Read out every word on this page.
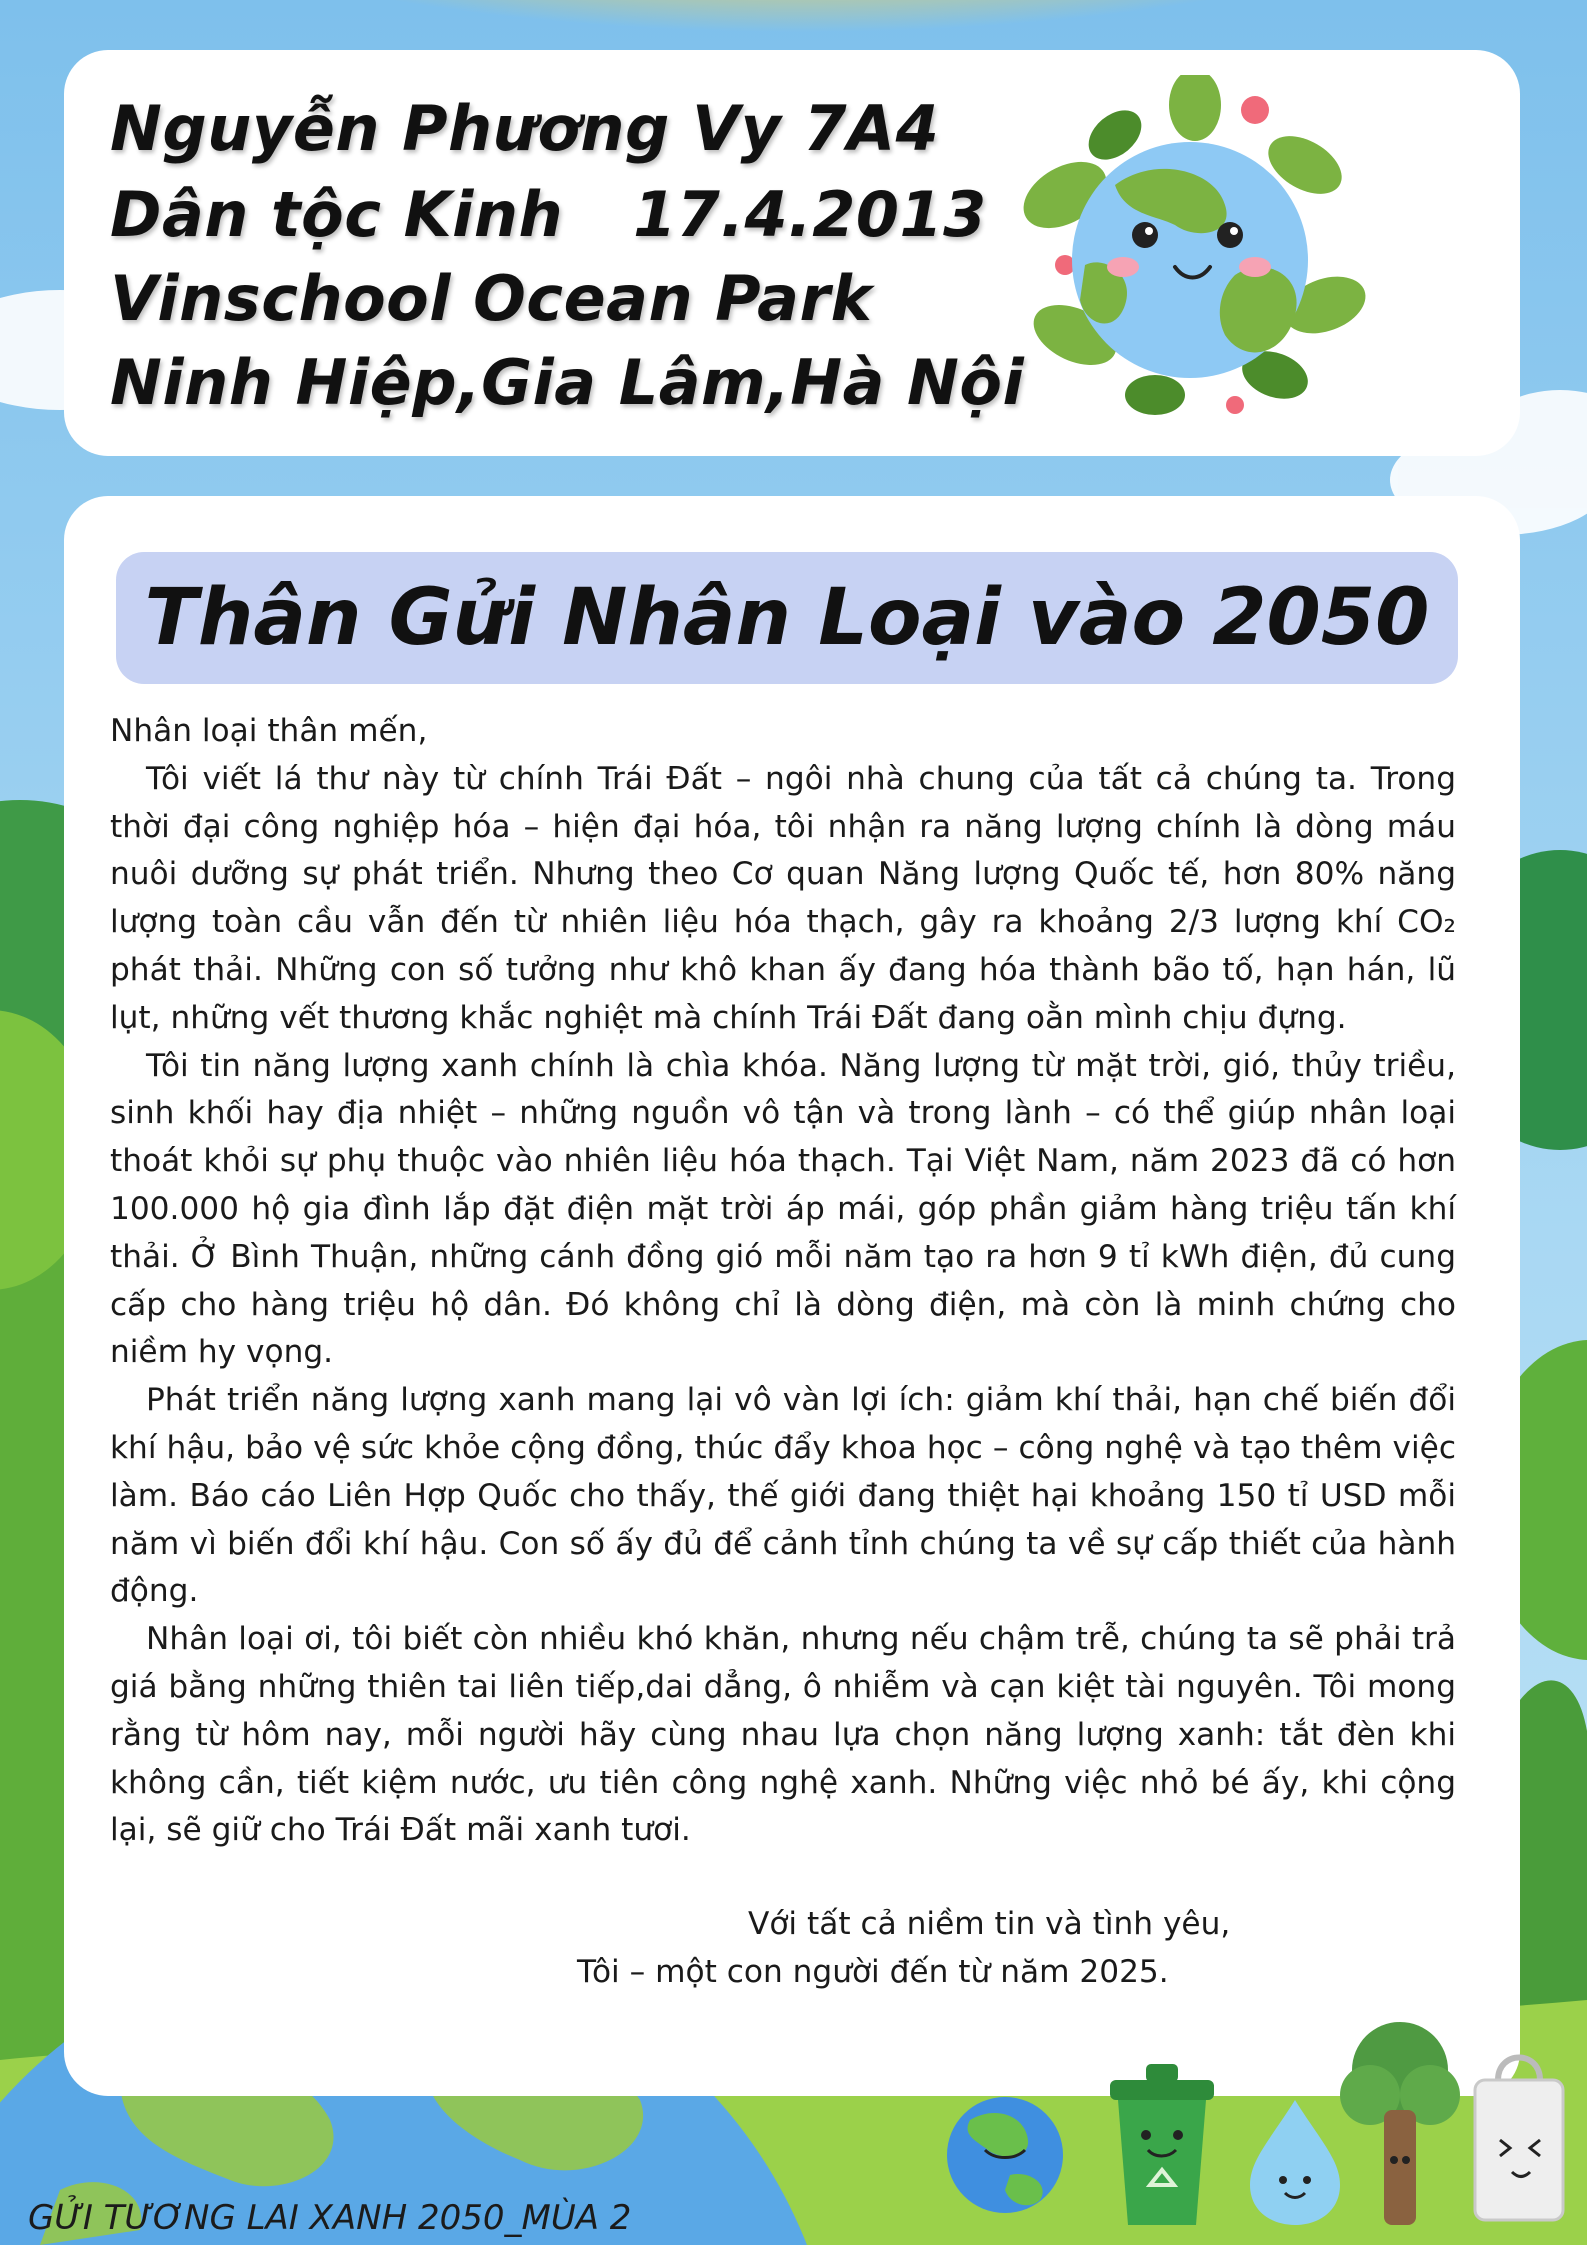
Nguyễn Phương Vy 7A4
Dân tộc Kinh 17.4.2013
Vinschool Ocean Park
Ninh Hiệp,Gia Lâm,Hà Nội
Thân Gửi Nhân Loại vào 2050

Nhân loại thân mến,

Tôi viết lá thư này từ chính Trái Đất – ngôi nhà chung của tất cả chúng ta. Trong thời đại công nghiệp hóa – hiện đại hóa, tôi nhận ra năng lượng chính là dòng máu nuôi dưỡng sự phát triển. Nhưng theo Cơ quan Năng lượng Quốc tế, hơn 80% năng lượng toàn cầu vẫn đến từ nhiên liệu hóa thạch, gây ra khoảng 2/3 lượng khí CO₂ phát thải. Những con số tưởng như khô khan ấy đang hóa thành bão tố, hạn hán, lũ lụt, những vết thương khắc nghiệt mà chính Trái Đất đang oằn mình chịu đựng.

Tôi tin năng lượng xanh chính là chìa khóa. Năng lượng từ mặt trời, gió, thủy triều, sinh khối hay địa nhiệt – những nguồn vô tận và trong lành – có thể giúp nhân loại thoát khỏi sự phụ thuộc vào nhiên liệu hóa thạch. Tại Việt Nam, năm 2023 đã có hơn 100.000 hộ gia đình lắp đặt điện mặt trời áp mái, góp phần giảm hàng triệu tấn khí thải. Ở Bình Thuận, những cánh đồng gió mỗi năm tạo ra hơn 9 tỉ kWh điện, đủ cung cấp cho hàng triệu hộ dân. Đó không chỉ là dòng điện, mà còn là minh chứng cho niềm hy vọng.

Phát triển năng lượng xanh mang lại vô vàn lợi ích: giảm khí thải, hạn chế biến đổi khí hậu, bảo vệ sức khỏe cộng đồng, thúc đẩy khoa học – công nghệ và tạo thêm việc làm. Báo cáo Liên Hợp Quốc cho thấy, thế giới đang thiệt hại khoảng 150 tỉ USD mỗi năm vì biến đổi khí hậu. Con số ấy đủ để cảnh tỉnh chúng ta về sự cấp thiết của hành động.

Nhân loại ơi, tôi biết còn nhiều khó khăn, nhưng nếu chậm trễ, chúng ta sẽ phải trả giá bằng những thiên tai liên tiếp,dai dẳng, ô nhiễm và cạn kiệt tài nguyên. Tôi mong rằng từ hôm nay, mỗi người hãy cùng nhau lựa chọn năng lượng xanh: tắt đèn khi không cần, tiết kiệm nước, ưu tiên công nghệ xanh. Những việc nhỏ bé ấy, khi cộng lại, sẽ giữ cho Trái Đất mãi xanh tươi.

Với tất cả niềm tin và tình yêu,
Tôi – một con người đến từ năm 2025.
GỬI TƯƠNG LAI XANH 2050_MÙA 2
